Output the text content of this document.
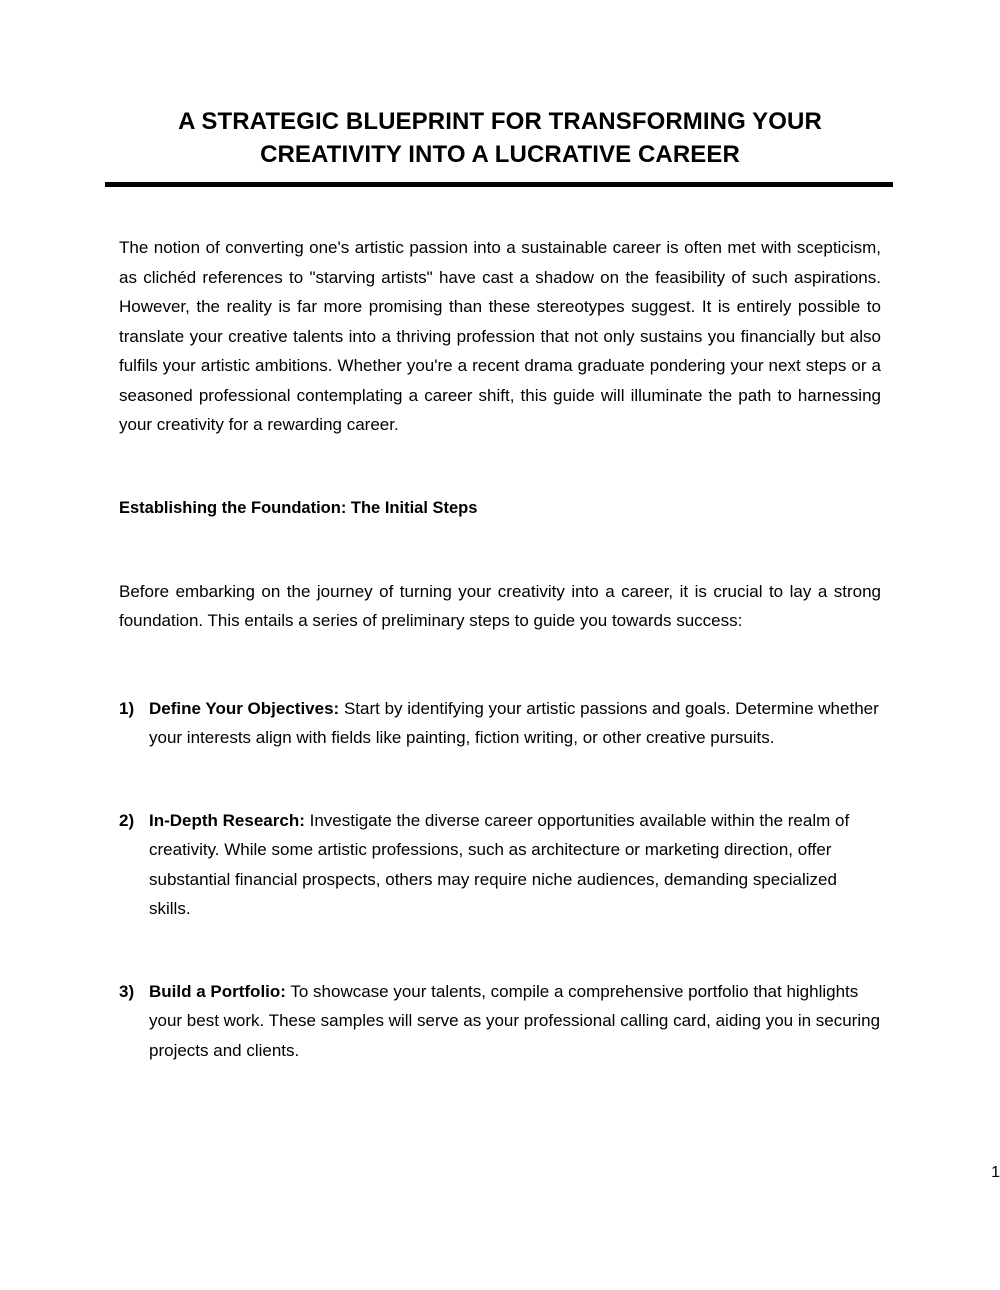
A STRATEGIC BLUEPRINT FOR TRANSFORMING YOUR CREATIVITY INTO A LUCRATIVE CAREER

The notion of converting one's artistic passion into a sustainable career is often met with scepticism, as clichéd references to "starving artists" have cast a shadow on the feasibility of such aspirations. However, the reality is far more promising than these stereotypes suggest. It is entirely possible to translate your creative talents into a thriving profession that not only sustains you financially but also fulfils your artistic ambitions. Whether you're a recent drama graduate pondering your next steps or a seasoned professional contemplating a career shift, this guide will illuminate the path to harnessing your creativity for a rewarding career.

Establishing the Foundation: The Initial Steps

Before embarking on the journey of turning your creativity into a career, it is crucial to lay a strong foundation. This entails a series of preliminary steps to guide you towards success:

1) Define Your Objectives: Start by identifying your artistic passions and goals. Determine whether your interests align with fields like painting, fiction writing, or other creative pursuits.
2) In-Depth Research: Investigate the diverse career opportunities available within the realm of creativity. While some artistic professions, such as architecture or marketing direction, offer substantial financial prospects, others may require niche audiences, demanding specialized skills.
3) Build a Portfolio: To showcase your talents, compile a comprehensive portfolio that highlights your best work. These samples will serve as your professional calling card, aiding you in securing projects and clients.
1
